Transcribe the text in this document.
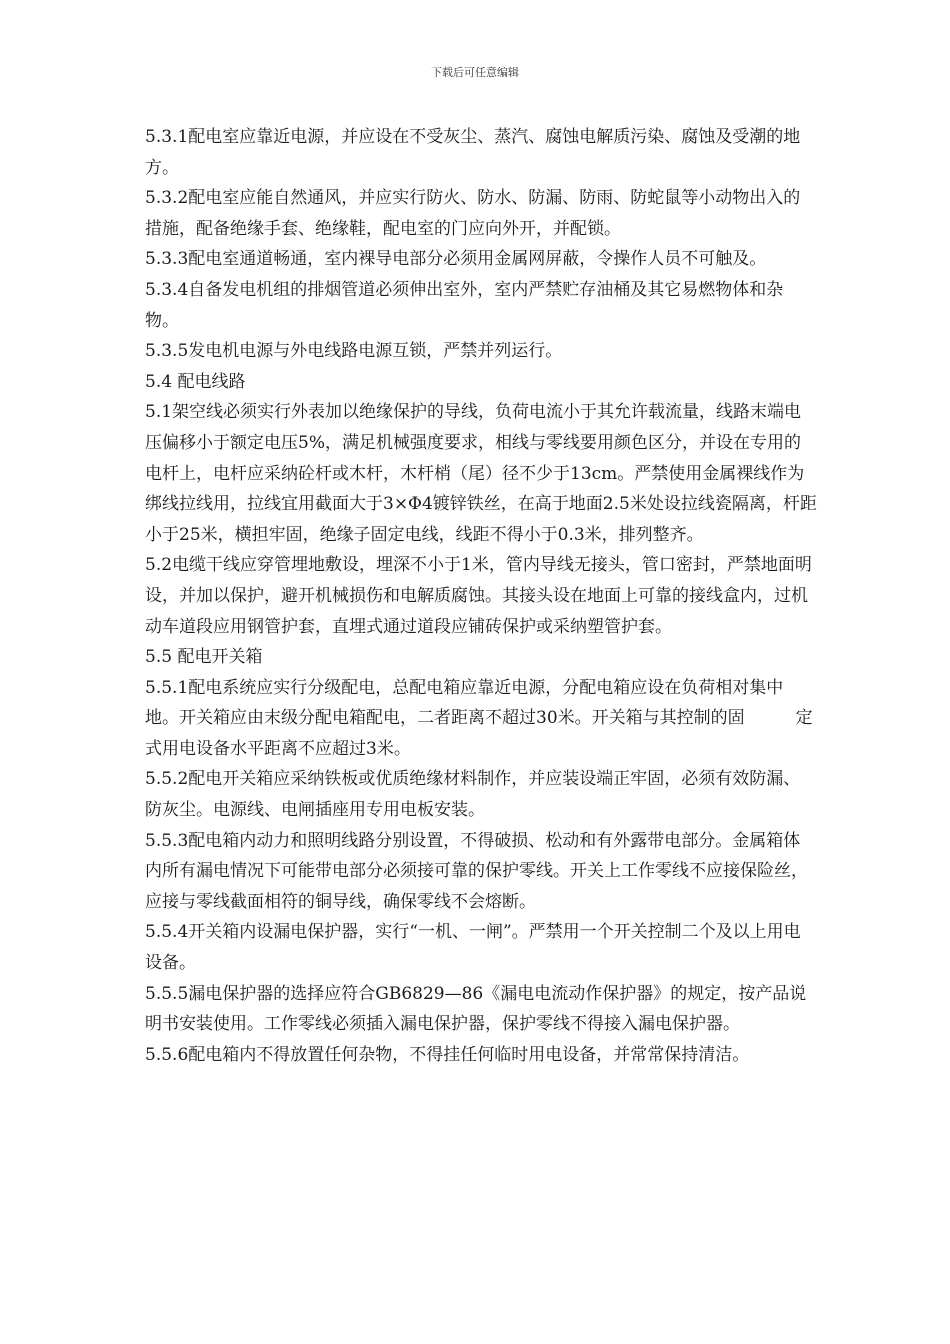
下载后可任意编辑

5.3.1配电室应靠近电源，并应设在不受灰尘、蒸汽、腐蚀电解质污染、腐蚀及受潮的地方。

5.3.2配电室应能自然通风，并应实行防火、防水、防漏、防雨、防蛇鼠等小动物出入的措施，配备绝缘手套、绝缘鞋，配电室的门应向外开，并配锁。

5.3.3配电室通道畅通，室内裸导电部分必须用金属网屏蔽，令操作人员不可触及。

5.3.4自备发电机组的排烟管道必须伸出室外，室内严禁贮存油桶及其它易燃物体和杂物。

5.3.5发电机电源与外电线路电源互锁，严禁并列运行。

5.4 配电线路

5.1架空线必须实行外表加以绝缘保护的导线，负荷电流小于其允许载流量，线路末端电压偏移小于额定电压5%，满足机械强度要求，相线与零线要用颜色区分，并设在专用的电杆上，电杆应采纳砼杆或木杆，木杆梢（尾）径不少于13cm。严禁使用金属裸线作为绑线拉线用，拉线宜用截面大于3×Φ4镀锌铁丝，在高于地面2.5米处设拉线瓷隔离，杆距小于25米，横担牢固，绝缘子固定电线，线距不得小于0.3米，排列整齐。

5.2电缆干线应穿管埋地敷设，埋深不小于1米，管内导线无接头，管口密封，严禁地面明设，并加以保护，避开机械损伤和电解质腐蚀。其接头设在地面上可靠的接线盒内，过机动车道段应用钢管护套，直埋式通过道段应铺砖保护或采纳塑管护套。

5.5 配电开关箱

5.5.1配电系统应实行分级配电，总配电箱应靠近电源，分配电箱应设在负荷相对集中地。开关箱应由末级分配电箱配电，二者距离不超过30米。开关箱与其控制的固　　　定式用电设备水平距离不应超过3米。

5.5.2配电开关箱应采纳铁板或优质绝缘材料制作，并应装设端正牢固，必须有效防漏、防灰尘。电源线、电闸插座用专用电板安装。

5.5.3配电箱内动力和照明线路分别设置，不得破损、松动和有外露带电部分。金属箱体内所有漏电情况下可能带电部分必须接可靠的保护零线。开关上工作零线不应接保险丝，应接与零线截面相符的铜导线，确保零线不会熔断。

5.5.4开关箱内设漏电保护器，实行“一机、一闸”。严禁用一个开关控制二个及以上用电设备。

5.5.5漏电保护器的选择应符合GB6829—86《漏电电流动作保护器》的规定，按产品说明书安装使用。工作零线必须插入漏电保护器，保护零线不得接入漏电保护器。

5.5.6配电箱内不得放置任何杂物，不得挂任何临时用电设备，并常常保持清洁。
